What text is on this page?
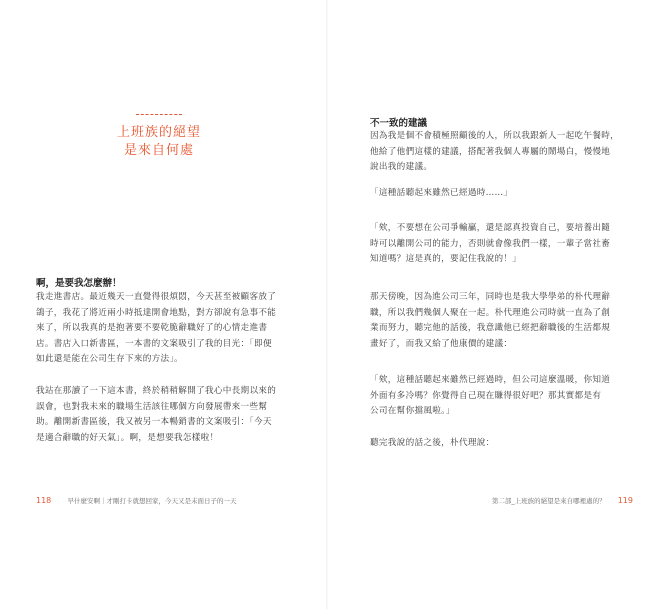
上班族的絕望
是來自何處
啊，是要我怎麼辦！
我走進書店。最近幾天一直覺得很煩悶，今天甚至被顧客放了
鴿子，我花了將近兩小時抵達開會地點，對方卻說有急事不能
來了，所以我真的是抱著要不要乾脆辭職好了的心情走進書
店。書店入口新書區，一本書的文案吸引了我的目光：「即便
如此還是能在公司生存下來的方法」。
我站在那讀了一下這本書，終於稍稍解開了我心中長期以來的
誤會，也對我未來的職場生活該往哪個方向發展帶來一些幫
助。離開新書區後，我又被另一本暢銷書的文案吸引：「今天
是適合辭職的好天氣」。啊，是想要我怎樣啦！
118 早什麼安啊｜才剛打卡就想回家，今天又是未面日子的一天
不一致的建議
因為我是個不會積極照顧後的人，所以我跟新人一起吃午餐時，
他給了他們這樣的建議，搭配著我個人專屬的鬧場白，慢慢地
說出我的建議。
「這種話聽起來雖然已經過時……」
「欸，不要想在公司爭輸贏，還是認真投資自己，要培養出隨
時可以離開公司的能力，否則就會像我們一樣，一輩子當社畜
知道嗎？這是真的，要記住我說的！」
那天傍晚，因為進公司三年，同時也是我大學學弟的朴代理辭
職，所以我們幾個人聚在一起。朴代理進公司時就一直為了創
業而努力，聽完他的話後，我意識他已經把辭職後的生活都規
畫好了，而我又給了他康價的建議：
「欸，這種話聽起來雖然已經過時，但公司這麼溫暖，你知道
外面有多冷嗎？你覺得自己現在賺得很好吧？那其實都是有
公司在幫你擋風啦。」
聽完我說的話之後，朴代理說：
第二部_上班族的絕望是來自哪裡處的？ 119
